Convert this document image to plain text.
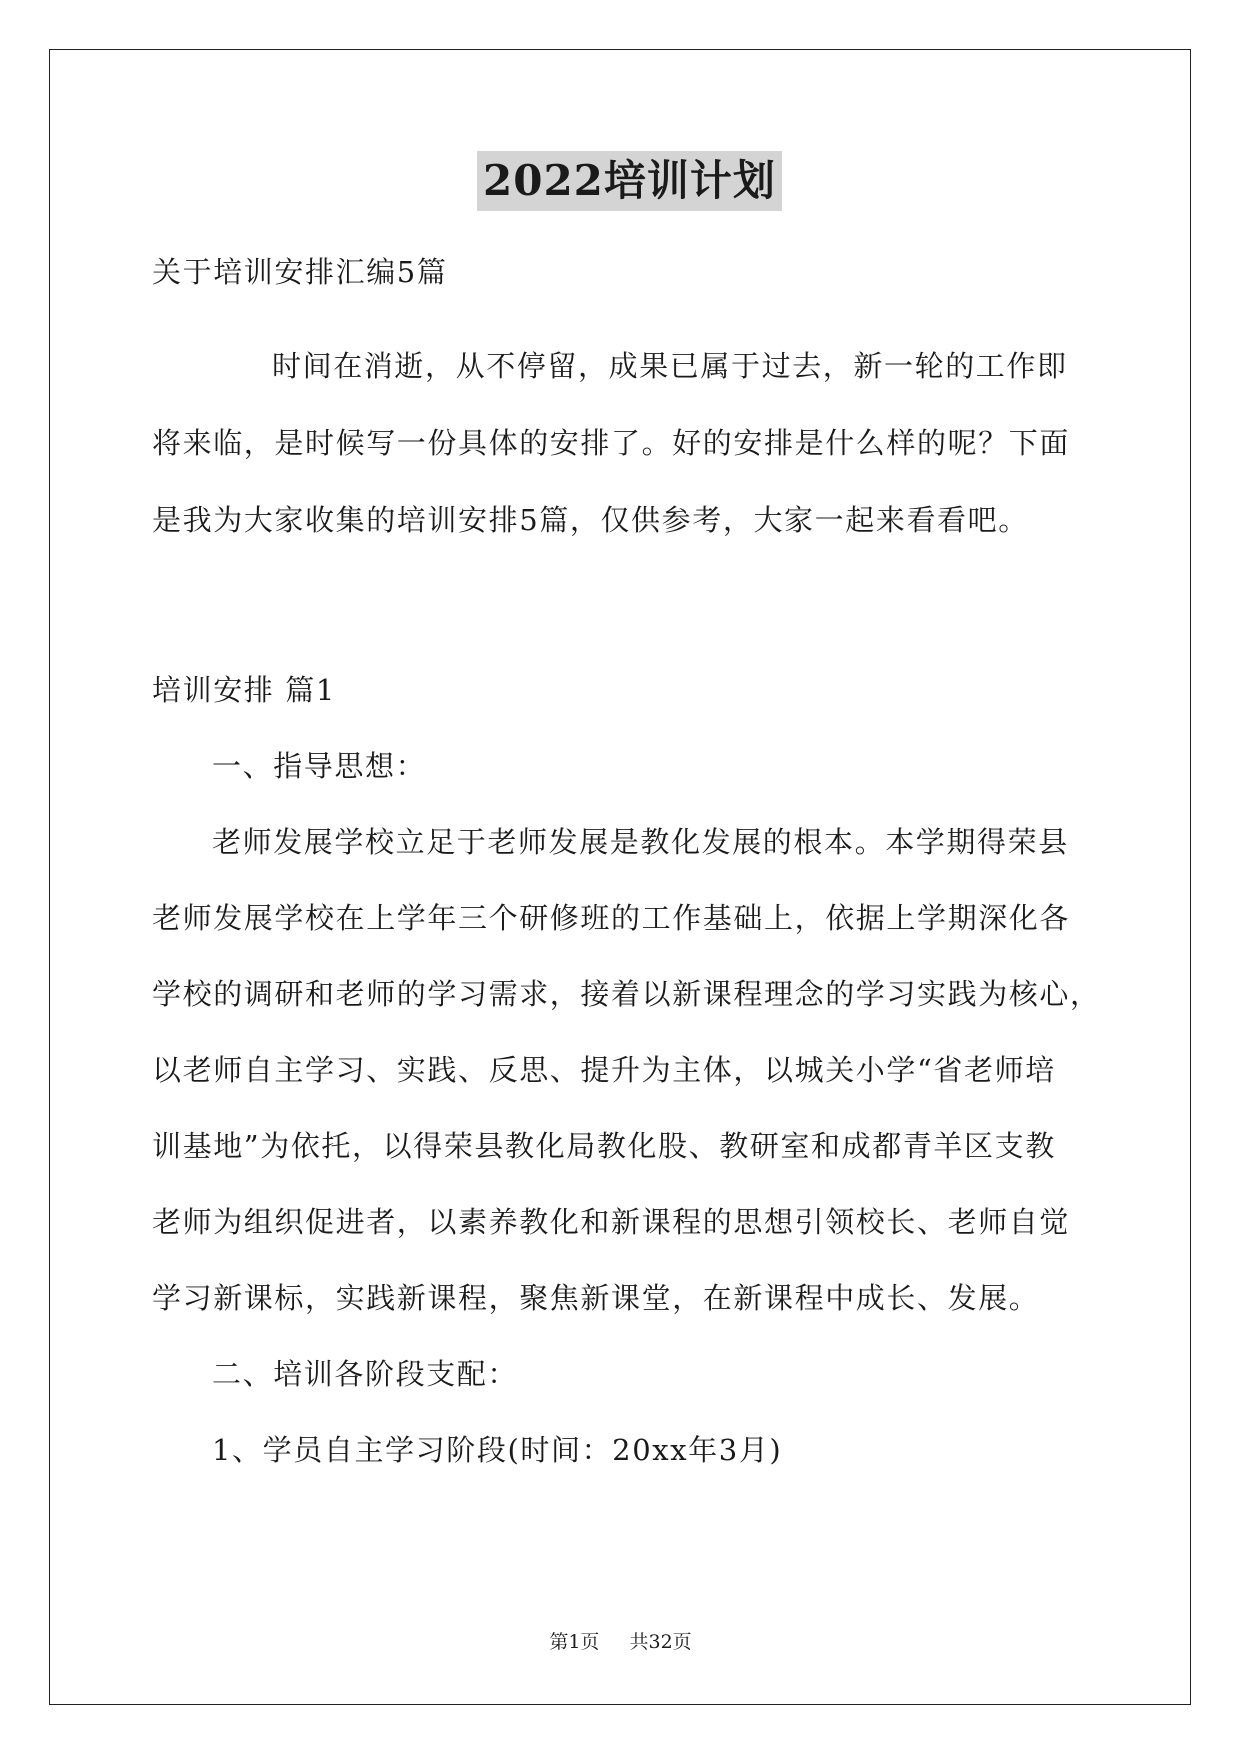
2022培训计划
关于培训安排汇编5篇
时间在消逝，从不停留，成果已属于过去，新一轮的工作即
将来临，是时候写一份具体的安排了。好的安排是什么样的呢？下面
是我为大家收集的培训安排5篇，仅供参考，大家一起来看看吧。
培训安排 篇1
一、指导思想：
老师发展学校立足于老师发展是教化发展的根本。本学期得荣县
老师发展学校在上学年三个研修班的工作基础上，依据上学期深化各
学校的调研和老师的学习需求，接着以新课程理念的学习实践为核心，
以老师自主学习、实践、反思、提升为主体，以城关小学“省老师培
训基地”为依托，以得荣县教化局教化股、教研室和成都青羊区支教
老师为组织促进者，以素养教化和新课程的思想引领校长、老师自觉
学习新课标，实践新课程，聚焦新课堂，在新课程中成长、发展。
二、培训各阶段支配：
1、学员自主学习阶段(时间：20xx年3月)
第1页 共32页
